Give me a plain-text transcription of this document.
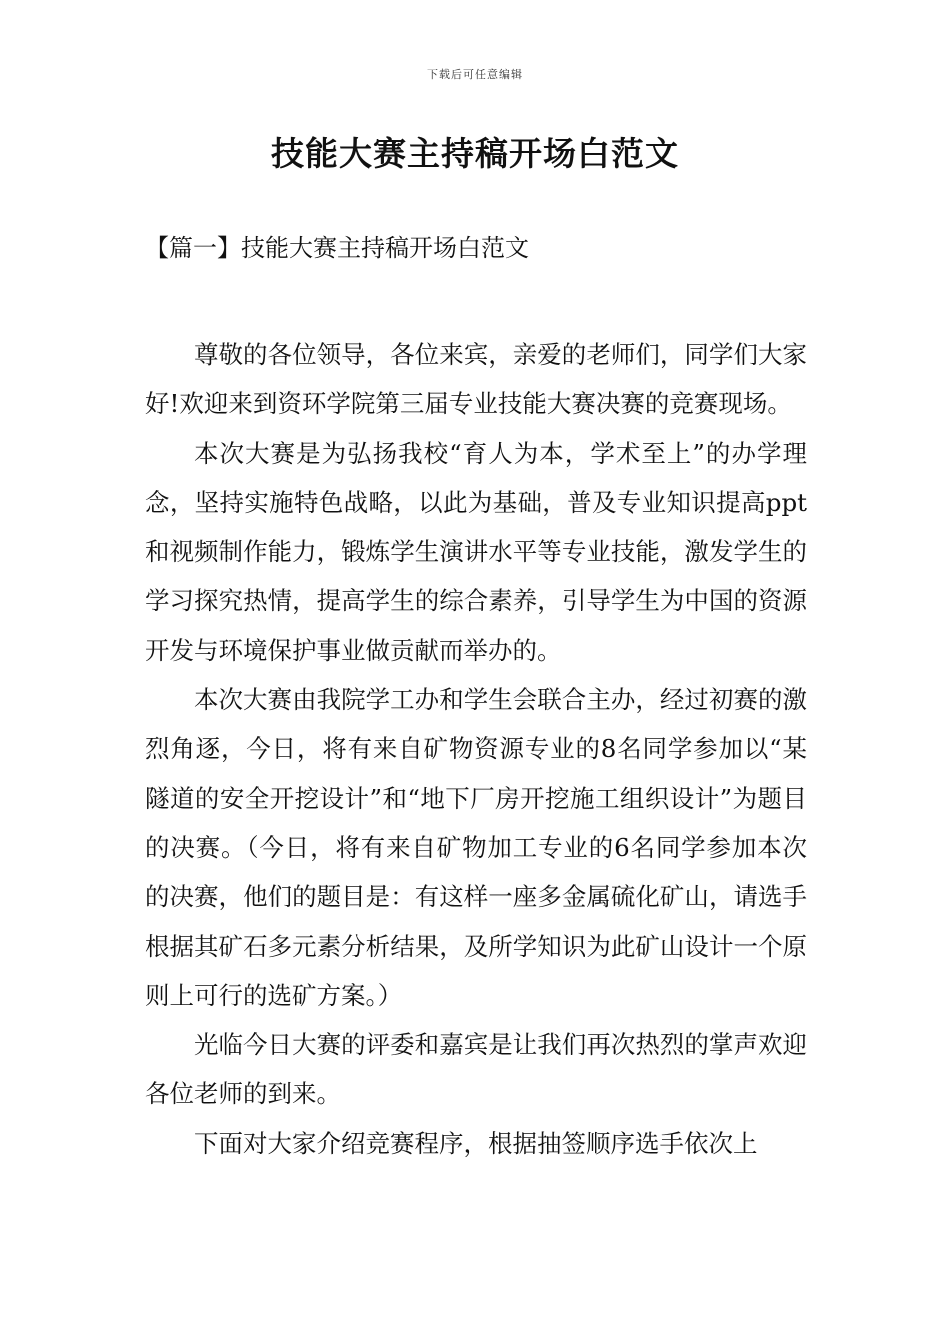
下载后可任意编辑
技能大赛主持稿开场白范文
【篇一】技能大赛主持稿开场白范文

尊敬的各位领导，各位来宾，亲爱的老师们，同学们大家好!欢迎来到资环学院第三届专业技能大赛决赛的竞赛现场。

本次大赛是为弘扬我校“育人为本，学术至上”的办学理念，坚持实施特色战略，以此为基础，普及专业知识提高ppt和视频制作能力，锻炼学生演讲水平等专业技能，激发学生的学习探究热情，提高学生的综合素养，引导学生为中国的资源开发与环境保护事业做贡献而举办的。

本次大赛由我院学工办和学生会联合主办，经过初赛的激烈角逐，今日，将有来自矿物资源专业的8名同学参加以“某隧道的安全开挖设计”和“地下厂房开挖施工组织设计”为题目的决赛。（今日，将有来自矿物加工专业的6名同学参加本次的决赛，他们的题目是：有这样一座多金属硫化矿山，请选手根据其矿石多元素分析结果，及所学知识为此矿山设计一个原则上可行的选矿方案。）

光临今日大赛的评委和嘉宾是让我们再次热烈的掌声欢迎各位老师的到来。

下面对大家介绍竞赛程序，根据抽签顺序选手依次上
